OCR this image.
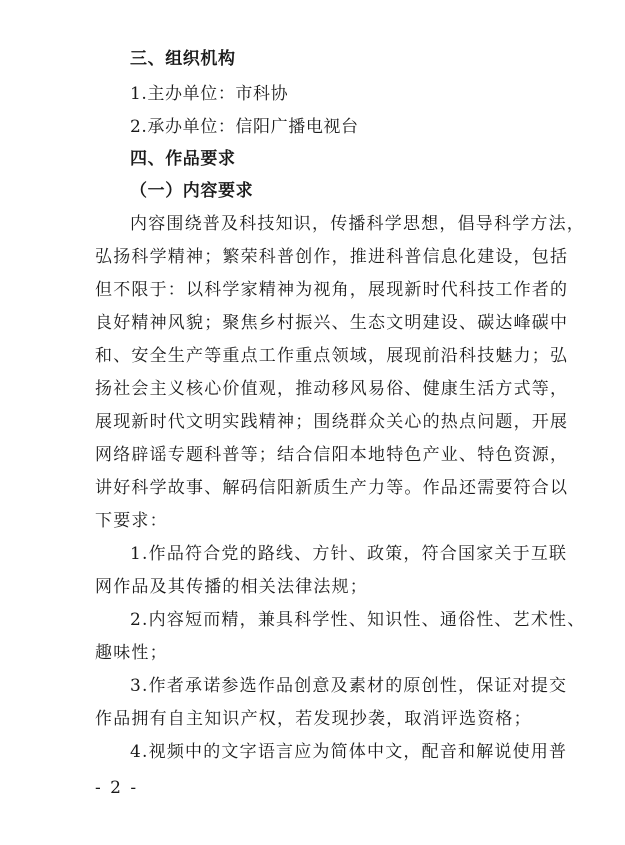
三、组织机构
1.主办单位：市科协
2.承办单位：信阳广播电视台
四、作品要求
（一）内容要求
内容围绕普及科技知识，传播科学思想，倡导科学方法，
弘扬科学精神；繁荣科普创作，推进科普信息化建设，包括
但不限于：以科学家精神为视角，展现新时代科技工作者的
良好精神风貌；聚焦乡村振兴、生态文明建设、碳达峰碳中
和、安全生产等重点工作重点领域，展现前沿科技魅力；弘
扬社会主义核心价值观，推动移风易俗、健康生活方式等，
展现新时代文明实践精神；围绕群众关心的热点问题，开展
网络辟谣专题科普等；结合信阳本地特色产业、特色资源，
讲好科学故事、解码信阳新质生产力等。作品还需要符合以
下要求：
1.作品符合党的路线、方针、政策，符合国家关于互联
网作品及其传播的相关法律法规；
2.内容短而精，兼具科学性、知识性、通俗性、艺术性、
趣味性；
3.作者承诺参选作品创意及素材的原创性，保证对提交
作品拥有自主知识产权，若发现抄袭，取消评选资格；
4.视频中的文字语言应为简体中文，配音和解说使用普
- 2 -
